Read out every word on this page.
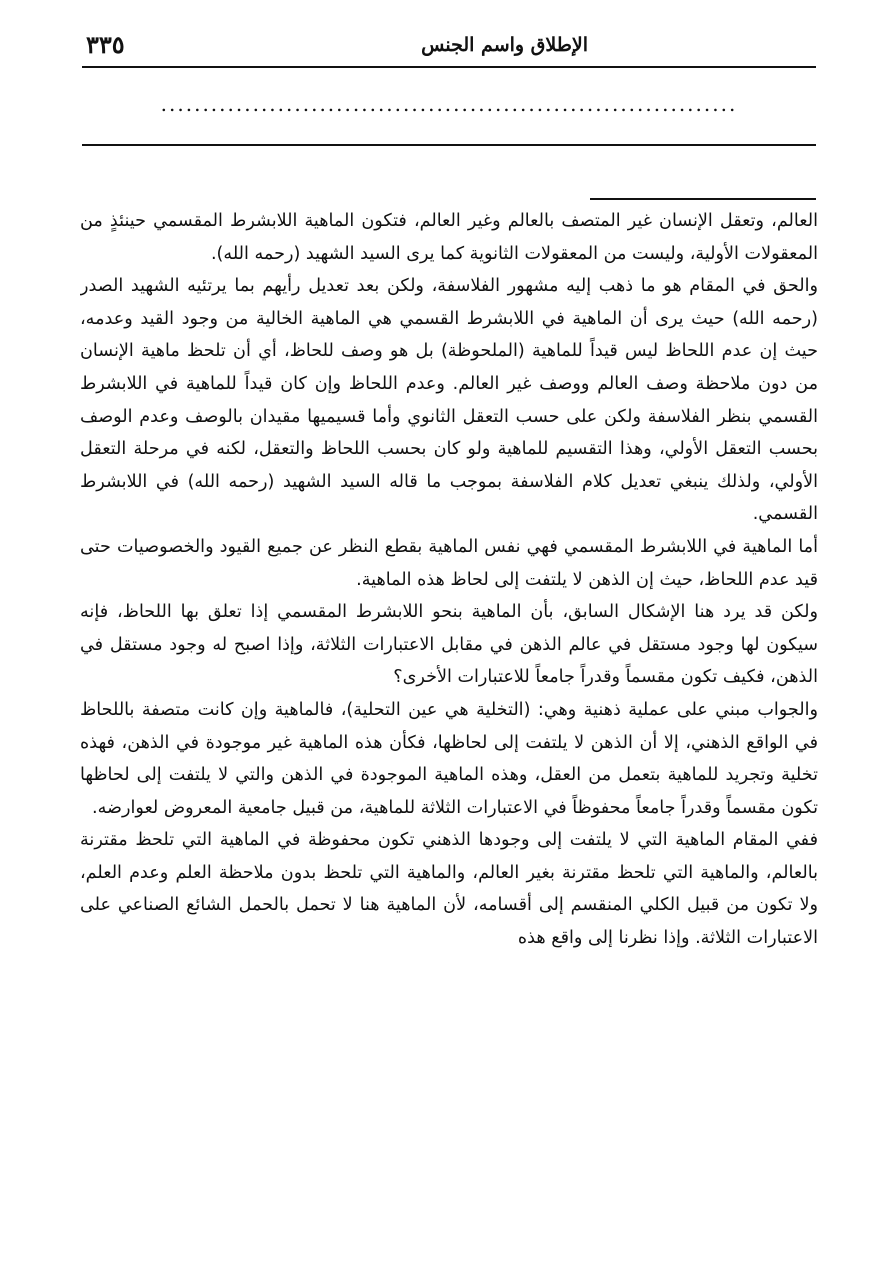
الإطلاق واسم الجنس
٣٣٥
.....................................................................

العالم، وتعقل الإنسان غير المتصف بالعالم وغير العالم، فتكون الماهية اللابشرط المقسمي حينئذٍ من المعقولات الأولية، وليست من المعقولات الثانوية كما يرى السيد الشهيد (رحمه الله).

والحق في المقام هو ما ذهب إليه مشهور الفلاسفة، ولكن بعد تعديل رأيهم بما يرتئيه الشهيد الصدر (رحمه الله) حيث يرى أن الماهية في اللابشرط القسمي هي الماهية الخالية من وجود القيد وعدمه، حيث إن عدم اللحاظ ليس قيداً للماهية (الملحوظة) بل هو وصف للحاظ، أي أن تلحظ ماهية الإنسان من دون ملاحظة وصف العالم ووصف غير العالم. وعدم اللحاظ وإن كان قيداً للماهية في اللابشرط القسمي بنظر الفلاسفة ولكن على حسب التعقل الثانوي وأما قسيميها مقيدان بالوصف وعدم الوصف بحسب التعقل الأولي، وهذا التقسيم للماهية ولو كان بحسب اللحاظ والتعقل، لكنه في مرحلة التعقل الأولي، ولذلك ينبغي تعديل كلام الفلاسفة بموجب ما قاله السيد الشهيد (رحمه الله) في اللابشرط القسمي.

أما الماهية في اللابشرط المقسمي فهي نفس الماهية بقطع النظر عن جميع القيود والخصوصيات حتى قيد عدم اللحاظ، حيث إن الذهن لا يلتفت إلى لحاظ هذه الماهية.

ولكن قد يرد هنا الإشكال السابق، بأن الماهية بنحو اللابشرط المقسمي إذا تعلق بها اللحاظ، فإنه سيكون لها وجود مستقل في عالم الذهن في مقابل الاعتبارات الثلاثة، وإذا اصبح له وجود مستقل في الذهن، فكيف تكون مقسماً وقدراً جامعاً للاعتبارات الأخرى؟

والجواب مبني على عملية ذهنية وهي: (التخلية هي عين التحلية)، فالماهية وإن كانت متصفة باللحاظ في الواقع الذهني، إلا أن الذهن لا يلتفت إلى لحاظها، فكأن هذه الماهية غير موجودة في الذهن، فهذه تخلية وتجريد للماهية بتعمل من العقل، وهذه الماهية الموجودة في الذهن والتي لا يلتفت إلى لحاظها تكون مقسماً وقدراً جامعاً محفوظاً في الاعتبارات الثلاثة للماهية، من قبيل جامعية المعروض لعوارضه.

ففي المقام الماهية التي لا يلتفت إلى وجودها الذهني تكون محفوظة في الماهية التي تلحظ مقترنة بالعالم، والماهية التي تلحظ مقترنة بغير العالم، والماهية التي تلحظ بدون ملاحظة العلم وعدم العلم، ولا تكون من قبيل الكلي المنقسم إلى أقسامه، لأن الماهية هنا لا تحمل بالحمل الشائع الصناعي على الاعتبارات الثلاثة. وإذا نظرنا إلى واقع هذه
